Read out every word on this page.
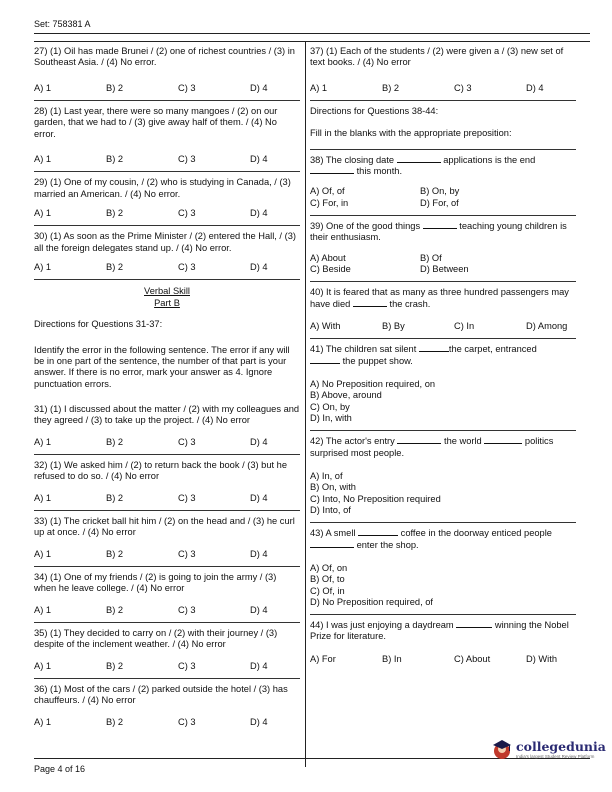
Set: 758381 A
27) (1) Oil has made Brunei / (2) one of richest countries / (3) in Southeast Asia. / (4) No error.
A) 1	B) 2	C) 3	D) 4
28) (1) Last year, there were so many mangoes / (2) on our garden, that we had to / (3) give away half of them. / (4) No error.
A) 1	B) 2	C) 3	D) 4
29) (1) One of my cousin, / (2) who is studying in Canada, / (3) married an American. / (4) No error.
A) 1	B) 2	C) 3	D) 4
30) (1) As soon as the Prime Minister / (2) entered the Hall, / (3) all the foreign delegates stand up. / (4) No error.
A) 1	B) 2	C) 3	D) 4
Verbal Skill
Part B
Directions for Questions 31-37:
Identify the error in the following sentence. The error if any will be in one part of the sentence, the number of that part is your answer. If there is no error, mark your answer as 4. Ignore punctuation errors.
31) (1) I discussed about the matter / (2) with my colleagues and they agreed / (3) to take up the project. / (4) No error
A) 1	B) 2	C) 3	D) 4
32) (1) We asked him / (2) to return back the book / (3) but he refused to do so. / (4) No error
A) 1	B) 2	C) 3	D) 4
33) (1) The cricket ball hit him / (2) on the head and / (3) he curl up at once. / (4) No error
A) 1	B) 2	C) 3	D) 4
34) (1) One of my friends / (2) is going to join the army / (3) when he leave college. / (4) No error
A) 1	B) 2	C) 3	D) 4
35) (1) They decided to carry on / (2) with their journey / (3) despite of the inclement weather. / (4) No error
A) 1	B) 2	C) 3	D) 4
36) (1) Most of the cars / (2) parked outside the hotel / (3) has chauffeurs. / (4) No error
A) 1	B) 2	C) 3	D) 4
37) (1) Each of the students / (2) were given a / (3) new set of text books. / (4) No error
A) 1	B) 2	C) 3	D) 4
Directions for Questions 38-44:
Fill in the blanks with the appropriate preposition:
38) The closing date	applications is the end
this month.
A) Of, of	B) On, by
C) For, in	D) For, of
39) One of the good things	teaching young children is their enthusiasm.
A) About	B) Of
C) Beside	D) Between
40) It is feared that as many as three hundred passengers may have died	the crash.
A) With	B) By	C) In	D) Among
41) The children sat silent	the carpet, entranced
the puppet show.
A) No Preposition required, on
B) Above, around
C) On, by
D) In, with
42) The actor's entry	the world	politics
surprised most people.
A) In, of
B) On, with
C) Into, No Preposition required
D) Into, of
43) A smell	coffee in the doorway enticed people
enter the shop.
A) Of, on
B) Of, to
C) Of, in
D) No Preposition required, of
44) I was just enjoying a daydream	winning the Nobel Prize for literature.
A) For	B) In	C) About	D) With
Page 4 of 16
collegedunia
India's largest Student Review Platform
